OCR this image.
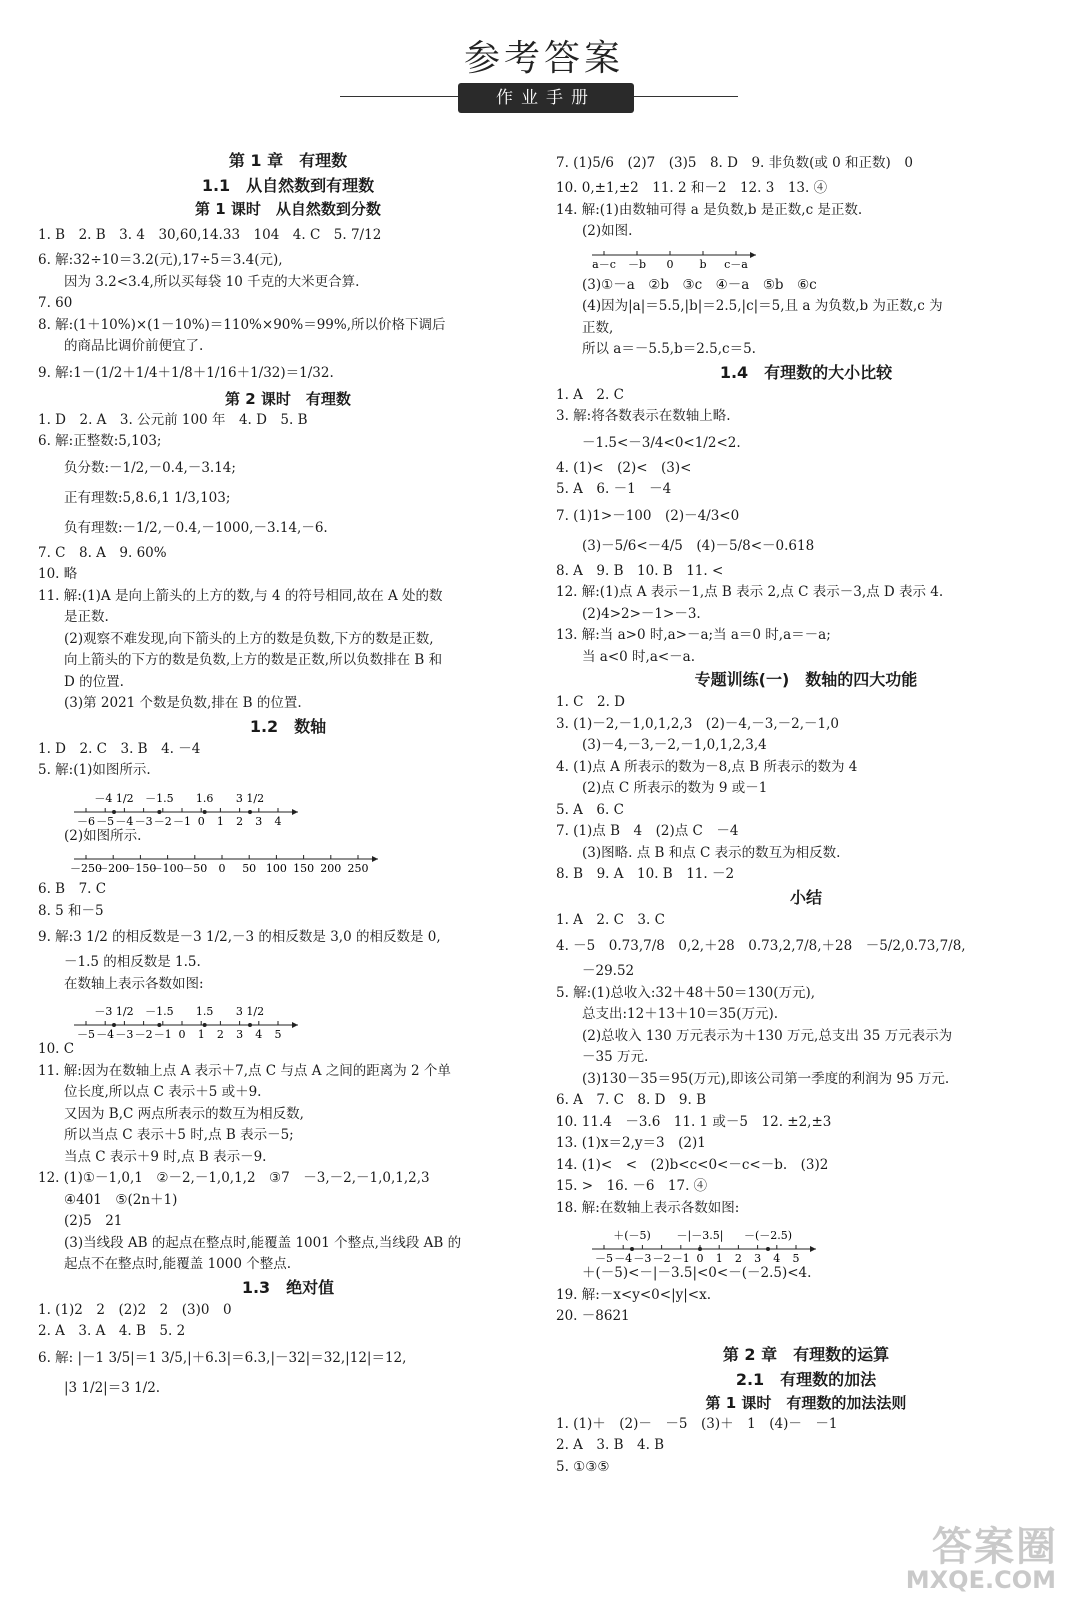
参考答案
作业手册
第 1 章　有理数
1.1　从自然数到有理数
第 1 课时　从自然数到分数
1. B　2. B　3. 4　30,60,14.33　104　4. C　5. 7/12
6. 解:32÷10＝3.2(元),17÷5＝3.4(元),
因为 3.2<3.4,所以买每袋 10 千克的大米更合算.
7. 60
8. 解:(1＋10%)×(1－10%)＝110%×90%＝99%,所以价格下调后
的商品比调价前便宜了.
9. 解:1－(1/2＋1/4＋1/8＋1/16＋1/32)＝1/32.
第 2 课时　有理数
1. D　2. A　3. 公元前 100 年　4. D　5. B
6. 解:正整数:5,103;
负分数:－1/2,－0.4,－3.14;
正有理数:5,8.6,1 1/3,103;
负有理数:－1/2,－0.4,－1000,－3.14,－6.
7. C　8. A　9. 60%
10. 略
11. 解:(1)A 是向上箭头的上方的数,与 4 的符号相同,故在 A 处的数
是正数.
(2)观察不难发现,向下箭头的上方的数是负数,下方的数是正数,
向上箭头的下方的数是负数,上方的数是正数,所以负数排在 B 和
D 的位置.
(3)第 2021 个数是负数,排在 B 的位置.
1.2　数轴
1. D　2. C　3. B　4. －4
5. 解:(1)如图所示.
－6 －5 －4 －3 －2 －1 0 1 2 3 4
－4 1/2 －1.5 1.6 3 1/2
(2)如图所示.
－250
－200
－150
－100
－50 0 50 100 150 200 250
6. B　7. C
8. 5 和－5
9. 解:3 1/2 的相反数是－3 1/2,－3 的相反数是 3,0 的相反数是 0,
－1.5 的相反数是 1.5.
在数轴上表示各数如图:
－5 －4 －3 －2 －1 0 1 2 3 4 5
－3 1/2 －1.5 1.5 3 1/2
10. C
11. 解:因为在数轴上点 A 表示＋7,点 C 与点 A 之间的距离为 2 个单
位长度,所以点 C 表示＋5 或＋9.
又因为 B,C 两点所表示的数互为相反数,
所以当点 C 表示＋5 时,点 B 表示－5;
当点 C 表示＋9 时,点 B 表示－9.
12. (1)①－1,0,1　②－2,－1,0,1,2　③7　－3,－2,－1,0,1,2,3
④401　⑤(2n＋1)
(2)5　21
(3)当线段 AB 的起点在整点时,能覆盖 1001 个整点,当线段 AB 的
起点不在整点时,能覆盖 1000 个整点.
1.3　绝对值
1. (1)2　2　(2)2　2　(3)0　0
2. A　3. A　4. B　5. 2
6. 解: |－1 3/5|＝1 3/5,|＋6.3|＝6.3,|－32|＝32,|12|＝12,
|3 1/2|＝3 1/2.
7. (1)5/6　(2)7　(3)5　8. D　9. 非负数(或 0 和正数)　0
10. 0,±1,±2　11. 2 和－2　12. 3　13. ④
14. 解:(1)由数轴可得 a 是负数,b 是正数,c 是正数.
(2)如图.
a－c －b 0 b c－a
(3)①－a　②b　③c　④－a　⑤b　⑥c
(4)因为|a|＝5.5,|b|＝2.5,|c|＝5,且 a 为负数,b 为正数,c 为
正数,
所以 a＝－5.5,b＝2.5,c＝5.
1.4　有理数的大小比较
1. A　2. C
3. 解:将各数表示在数轴上略.
－1.5<－3/4<0<1/2<2.
4. (1)<　(2)<　(3)<
5. A　6. －1　－4
7. (1)1>－100　(2)－4/3<0
(3)－5/6<－4/5　(4)－5/8<－0.618
8. A　9. B　10. B　11. <
12. 解:(1)点 A 表示－1,点 B 表示 2,点 C 表示－3,点 D 表示 4.
(2)4>2>－1>－3.
13. 解:当 a>0 时,a>－a;当 a＝0 时,a＝－a;
当 a<0 时,a<－a.
专题训练(一)　数轴的四大功能
1. C　2. D
3. (1)－2,－1,0,1,2,3　(2)－4,－3,－2,－1,0
(3)－4,－3,－2,－1,0,1,2,3,4
4. (1)点 A 所表示的数为－8,点 B 所表示的数为 4
(2)点 C 所表示的数为 9 或－1
5. A　6. C
7. (1)点 B　4　(2)点 C　－4
(3)图略. 点 B 和点 C 表示的数互为相反数.
8. B　9. A　10. B　11. －2
小结
1. A　2. C　3. C
4. －5　0.73,7/8　0,2,＋28　0.73,2,7/8,＋28　－5/2,0.73,7/8,
－29.52
5. 解:(1)总收入:32＋48＋50＝130(万元),
总支出:12＋13＋10＝35(万元).
(2)总收入 130 万元表示为＋130 万元,总支出 35 万元表示为
－35 万元.
(3)130－35＝95(万元),即该公司第一季度的利润为 95 万元.
6. A　7. C　8. D　9. B
10. 11.4　－3.6　11. 1 或－5　12. ±2,±3
13. (1)x＝2,y＝3　(2)1
14. (1)<　<　(2)b<c<0<－c<－b.　(3)2
15. >　16. －6　17. ④
18. 解:在数轴上表示各数如图:
－5 －4 －3 －2 －1 0 1 2 3 4 5
＋(－5) －|－3.5| －(－2.5)
＋(－5)<－|－3.5|<0<－(－2.5)<4.
19. 解:－x<y<0<|y|<x.
20. －8621
第 2 章　有理数的运算
2.1　有理数的加法
第 1 课时　有理数的加法法则
1. (1)＋　(2)－　－5　(3)＋　1　(4)－　－1
2. A　3. B　4. B
5. ①③⑤
答案圈
MXQE.COM
